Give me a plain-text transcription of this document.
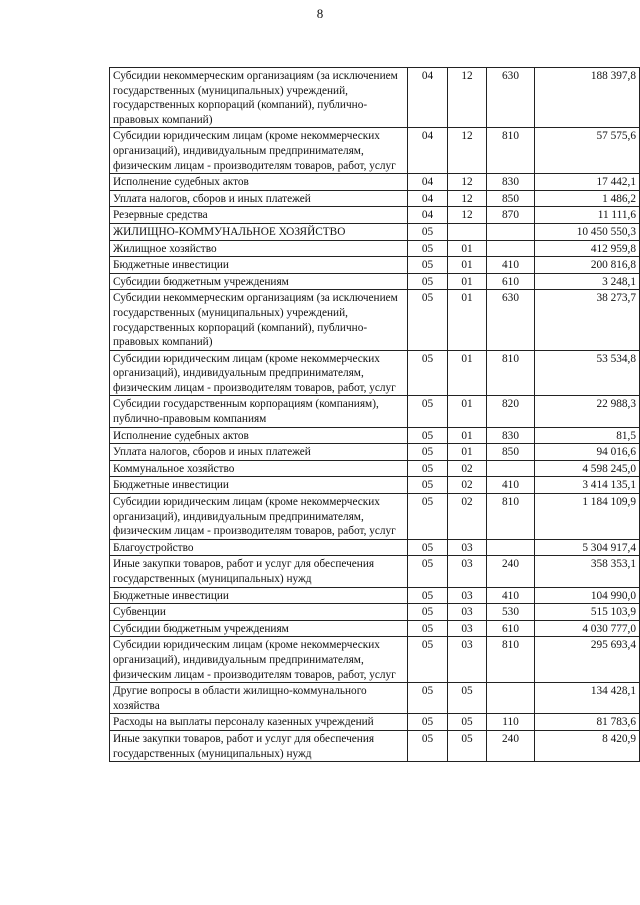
8
Субсидии некоммерческим организациям (за исключением государственных (муниципальных) учреждений, государственных корпораций (компаний), публично-правовых компаний)	04	12	630	188 397,8
Субсидии юридическим лицам (кроме некоммерческих организаций), индивидуальным предпринимателям, физическим лицам - производителям товаров, работ, услуг	04	12	810	57 575,6
Исполнение судебных актов	04	12	830	17 442,1
Уплата налогов, сборов и иных платежей	04	12	850	1 486,2
Резервные средства	04	12	870	11 111,6
ЖИЛИЩНО-КОММУНАЛЬНОЕ ХОЗЯЙСТВО	05			10 450 550,3
Жилищное хозяйство	05	01		412 959,8
Бюджетные инвестиции	05	01	410	200 816,8
Субсидии бюджетным учреждениям	05	01	610	3 248,1
Субсидии некоммерческим организациям (за исключением государственных (муниципальных) учреждений, государственных корпораций (компаний), публично-правовых компаний)	05	01	630	38 273,7
Субсидии юридическим лицам (кроме некоммерческих организаций), индивидуальным предпринимателям, физическим лицам - производителям товаров, работ, услуг	05	01	810	53 534,8
Субсидии государственным корпорациям (компаниям), публично-правовым компаниям	05	01	820	22 988,3
Исполнение судебных актов	05	01	830	81,5
Уплата налогов, сборов и иных платежей	05	01	850	94 016,6
Коммунальное хозяйство	05	02		4 598 245,0
Бюджетные инвестиции	05	02	410	3 414 135,1
Субсидии юридическим лицам (кроме некоммерческих организаций), индивидуальным предпринимателям, физическим лицам - производителям товаров, работ, услуг	05	02	810	1 184 109,9
Благоустройство	05	03		5 304 917,4
Иные закупки товаров, работ и услуг для обеспечения государственных (муниципальных) нужд	05	03	240	358 353,1
Бюджетные инвестиции	05	03	410	104 990,0
Субвенции	05	03	530	515 103,9
Субсидии бюджетным учреждениям	05	03	610	4 030 777,0
Субсидии юридическим лицам (кроме некоммерческих организаций), индивидуальным предпринимателям, физическим лицам - производителям товаров, работ, услуг	05	03	810	295 693,4
Другие вопросы в области жилищно-коммунального хозяйства	05	05		134 428,1
Расходы на выплаты персоналу казенных учреждений	05	05	110	81 783,6
Иные закупки товаров, работ и услуг для обеспечения государственных (муниципальных) нужд	05	05	240	8 420,9
